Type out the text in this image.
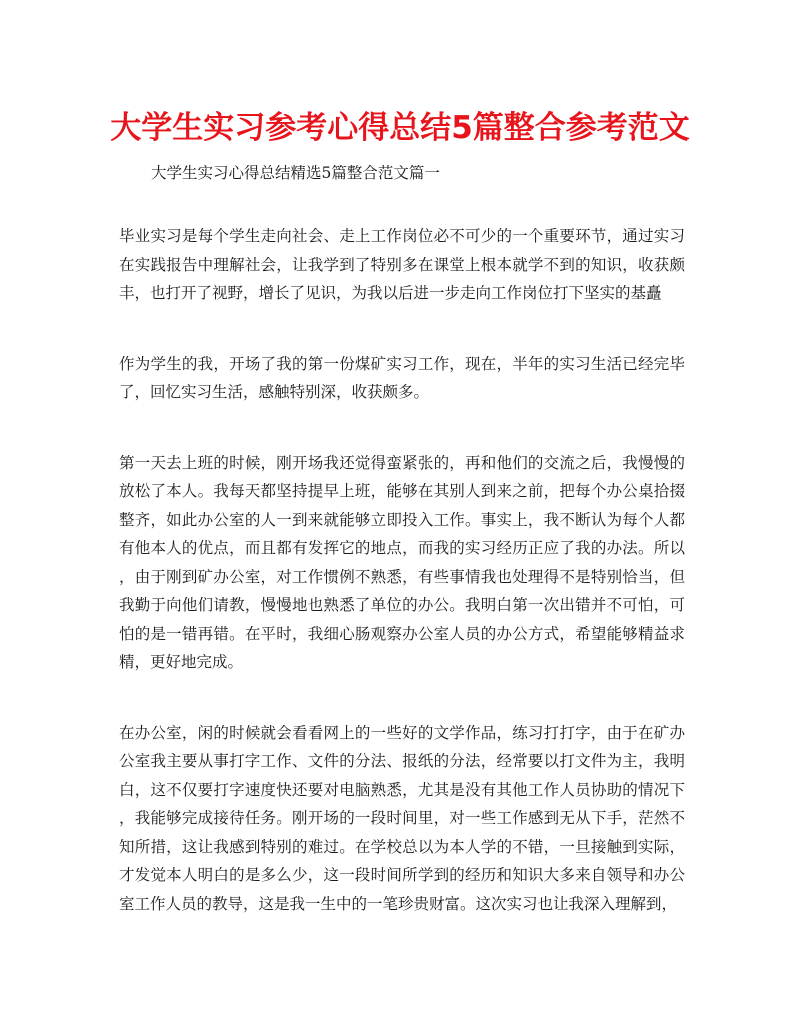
大学生实习参考心得总结5篇整合参考范文
大学生实习心得总结精选5篇整合范文篇一
毕业实习是每个学生走向社会、走上工作岗位必不可少的一个重要环节，通过实习
在实践报告中理解社会，让我学到了特别多在课堂上根本就学不到的知识，收获颇
丰，也打开了视野，增长了见识，为我以后进一步走向工作岗位打下坚实的基矗
作为学生的我，开场了我的第一份煤矿实习工作，现在，半年的实习生活已经完毕
了，回忆实习生活，感触特别深，收获颇多。
第一天去上班的时候，刚开场我还觉得蛮紧张的，再和他们的交流之后，我慢慢的
放松了本人。我每天都坚持提早上班，能够在其别人到来之前，把每个办公桌拾掇
整齐，如此办公室的人一到来就能够立即投入工作。事实上，我不断认为每个人都
有他本人的优点，而且都有发挥它的地点，而我的实习经历正应了我的办法。所以
，由于刚到矿办公室，对工作惯例不熟悉，有些事情我也处理得不是特别恰当，但
我勤于向他们请教，慢慢地也熟悉了单位的办公。我明白第一次出错并不可怕，可
怕的是一错再错。在平时，我细心肠观察办公室人员的办公方式，希望能够精益求
精，更好地完成。
在办公室，闲的时候就会看看网上的一些好的文学作品，练习打打字，由于在矿办
公室我主要从事打字工作、文件的分法、报纸的分法，经常要以打文件为主，我明
白，这不仅要打字速度快还要对电脑熟悉，尤其是没有其他工作人员协助的情况下
，我能够完成接待任务。刚开场的一段时间里，对一些工作感到无从下手，茫然不
知所措，这让我感到特别的难过。在学校总以为本人学的不错，一旦接触到实际，
才发觉本人明白的是多么少，这一段时间所学到的经历和知识大多来自领导和办公
室工作人员的教导，这是我一生中的一笔珍贵财富。这次实习也让我深入理解到，
